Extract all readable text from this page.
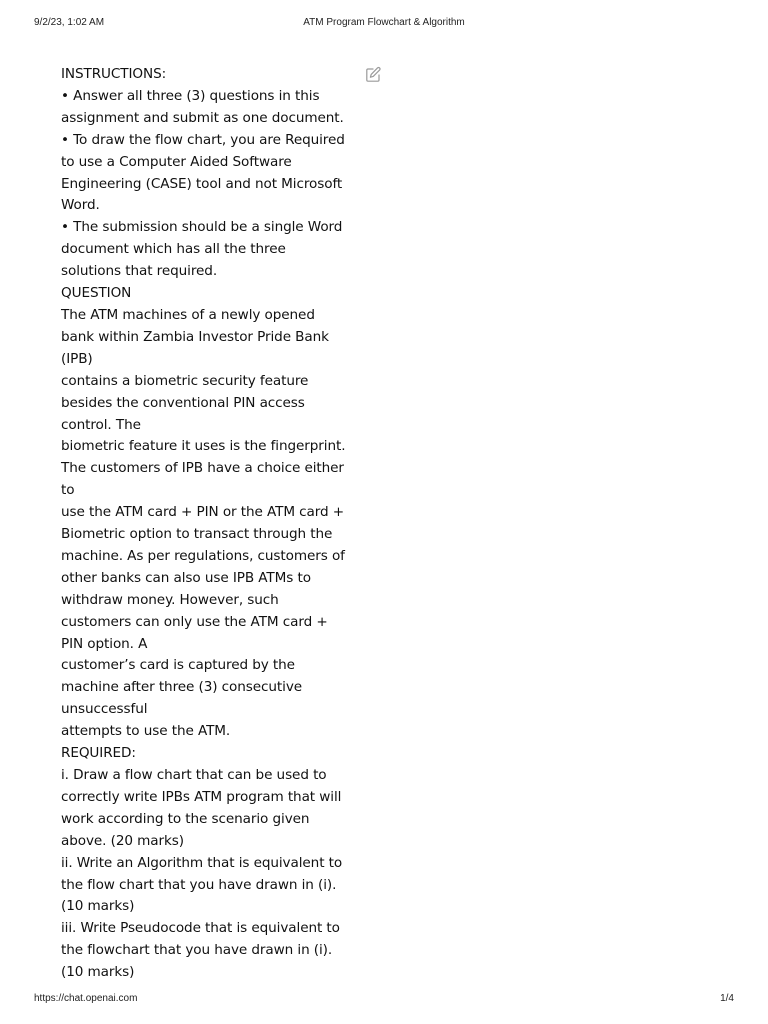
9/2/23, 1:02 AM	ATM Program Flowchart & Algorithm
INSTRUCTIONS:
• Answer all three (3) questions in this
assignment and submit as one document.
• To draw the flow chart, you are Required
to use a Computer Aided Software
Engineering (CASE) tool and not Microsoft
Word.
• The submission should be a single Word
document which has all the three
solutions that required.
QUESTION
The ATM machines of a newly opened
bank within Zambia Investor Pride Bank
(IPB)
contains a biometric security feature
besides the conventional PIN access
control. The
biometric feature it uses is the fingerprint.
The customers of IPB have a choice either
to
use the ATM card + PIN or the ATM card +
Biometric option to transact through the
machine. As per regulations, customers of
other banks can also use IPB ATMs to
withdraw money. However, such
customers can only use the ATM card +
PIN option. A
customer’s card is captured by the
machine after three (3) consecutive
unsuccessful
attempts to use the ATM.
REQUIRED:
i. Draw a flow chart that can be used to
correctly write IPBs ATM program that will
work according to the scenario given
above. (20 marks)
ii. Write an Algorithm that is equivalent to
the flow chart that you have drawn in (i).
(10 marks)
iii. Write Pseudocode that is equivalent to
the flowchart that you have drawn in (i).
(10 marks)
https://chat.openai.com	1/4
